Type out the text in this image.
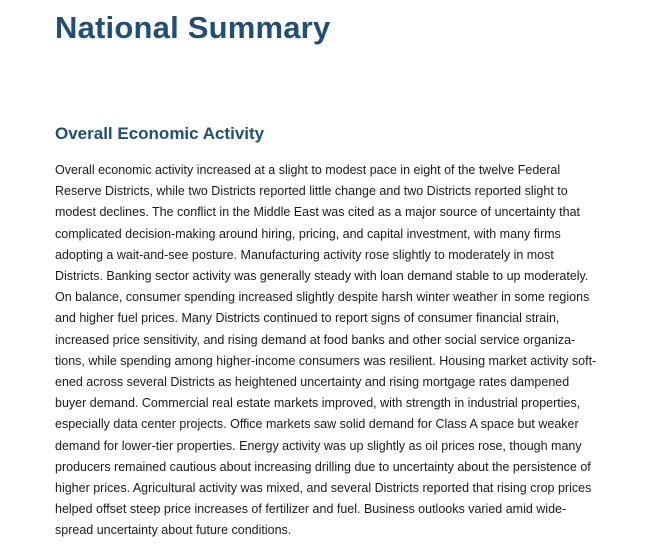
National Summary
Overall Economic Activity
Overall economic activity increased at a slight to modest pace in eight of the twelve Federal
Reserve Districts, while two Districts reported little change and two Districts reported slight to
modest declines. The conflict in the Middle East was cited as a major source of uncertainty that
complicated decision-making around hiring, pricing, and capital investment, with many firms
adopting a wait-and-see posture. Manufacturing activity rose slightly to moderately in most
Districts. Banking sector activity was generally steady with loan demand stable to up moderately.
On balance, consumer spending increased slightly despite harsh winter weather in some regions
and higher fuel prices. Many Districts continued to report signs of consumer financial strain,
increased price sensitivity, and rising demand at food banks and other social service organiza-
tions, while spending among higher-income consumers was resilient. Housing market activity soft-
ened across several Districts as heightened uncertainty and rising mortgage rates dampened
buyer demand. Commercial real estate markets improved, with strength in industrial properties,
especially data center projects. Office markets saw solid demand for Class A space but weaker
demand for lower-tier properties. Energy activity was up slightly as oil prices rose, though many
producers remained cautious about increasing drilling due to uncertainty about the persistence of
higher prices. Agricultural activity was mixed, and several Districts reported that rising crop prices
helped offset steep price increases of fertilizer and fuel. Business outlooks varied amid wide-
spread uncertainty about future conditions.
